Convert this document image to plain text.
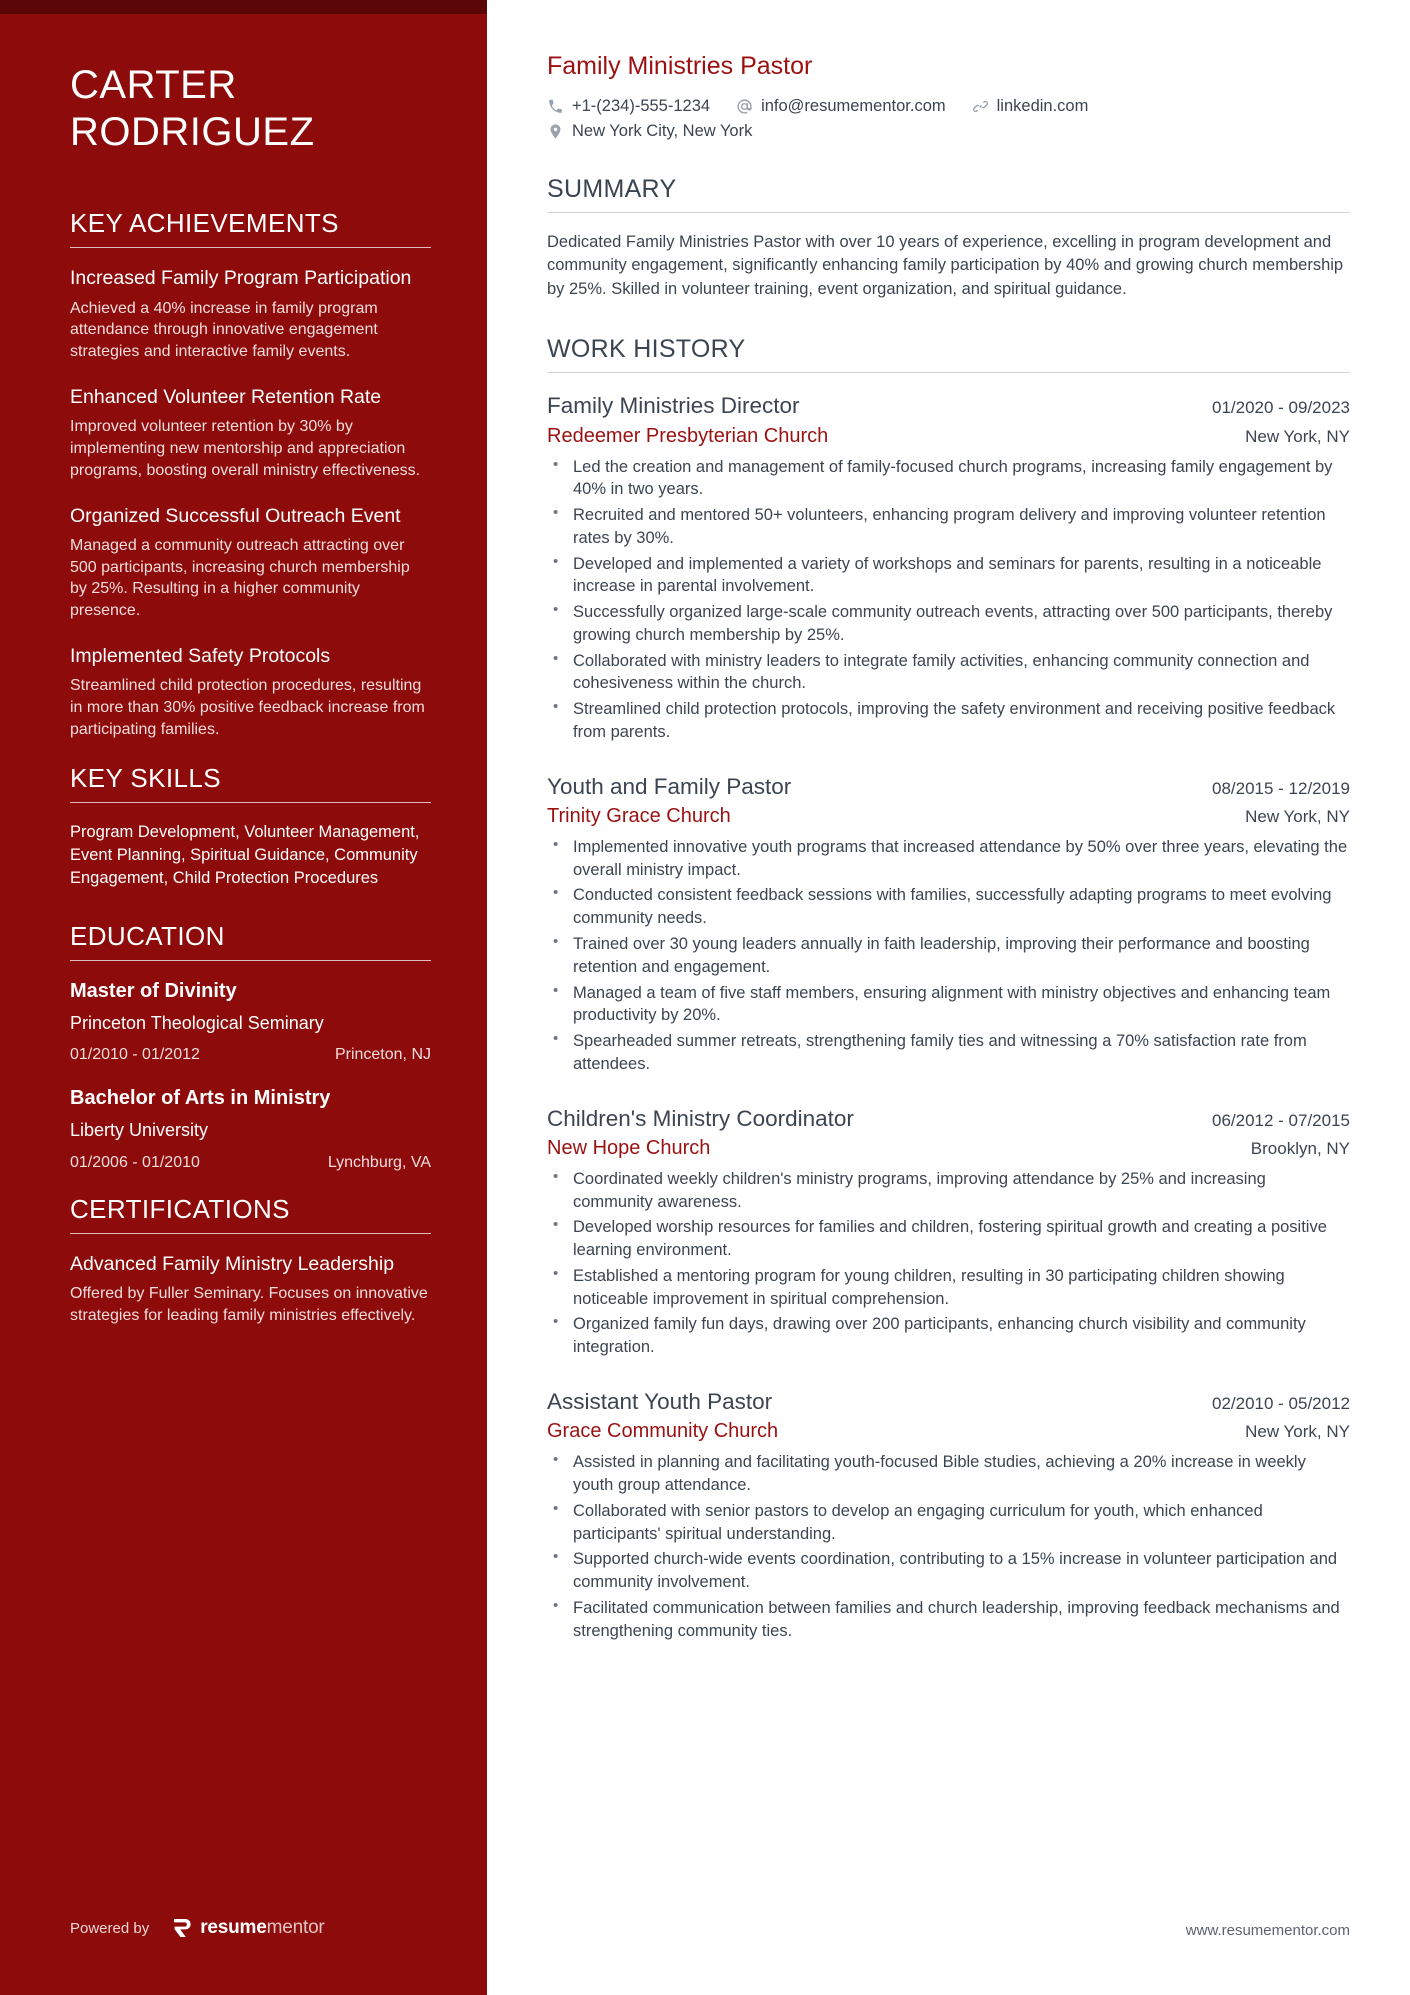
CARTER RODRIGUEZ
KEY ACHIEVEMENTS
Increased Family Program Participation
Achieved a 40% increase in family program attendance through innovative engagement strategies and interactive family events.
Enhanced Volunteer Retention Rate
Improved volunteer retention by 30% by implementing new mentorship and appreciation programs, boosting overall ministry effectiveness.
Organized Successful Outreach Event
Managed a community outreach attracting over 500 participants, increasing church membership by 25%. Resulting in a higher community presence.
Implemented Safety Protocols
Streamlined child protection procedures, resulting in more than 30% positive feedback increase from participating families.
KEY SKILLS
Program Development, Volunteer Management, Event Planning, Spiritual Guidance, Community Engagement, Child Protection Procedures
EDUCATION
Master of Divinity
Princeton Theological Seminary
01/2010 - 01/2012	Princeton, NJ
Bachelor of Arts in Ministry
Liberty University
01/2006 - 01/2010	Lynchburg, VA
CERTIFICATIONS
Advanced Family Ministry Leadership
Offered by Fuller Seminary. Focuses on innovative strategies for leading family ministries effectively.
Powered by	resumementor
Family Ministries Pastor
+1-(234)-555-1234	info@resumementor.com	linkedin.com
New York City, New York
SUMMARY

Dedicated Family Ministries Pastor with over 10 years of experience, excelling in program development and community engagement, significantly enhancing family participation by 40% and growing church membership by 25%. Skilled in volunteer training, event organization, and spiritual guidance.

WORK HISTORY
Family Ministries Director	01/2020 - 09/2023
Redeemer Presbyterian Church	New York, NY
• Led the creation and management of family-focused church programs, increasing family engagement by 40% in two years.
• Recruited and mentored 50+ volunteers, enhancing program delivery and improving volunteer retention rates by 30%.
• Developed and implemented a variety of workshops and seminars for parents, resulting in a noticeable increase in parental involvement.
• Successfully organized large-scale community outreach events, attracting over 500 participants, thereby growing church membership by 25%.
• Collaborated with ministry leaders to integrate family activities, enhancing community connection and cohesiveness within the church.
• Streamlined child protection protocols, improving the safety environment and receiving positive feedback from parents.
Youth and Family Pastor	08/2015 - 12/2019
Trinity Grace Church	New York, NY
• Implemented innovative youth programs that increased attendance by 50% over three years, elevating the overall ministry impact.
• Conducted consistent feedback sessions with families, successfully adapting programs to meet evolving community needs.
• Trained over 30 young leaders annually in faith leadership, improving their performance and boosting retention and engagement.
• Managed a team of five staff members, ensuring alignment with ministry objectives and enhancing team productivity by 20%.
• Spearheaded summer retreats, strengthening family ties and witnessing a 70% satisfaction rate from attendees.
Children's Ministry Coordinator	06/2012 - 07/2015
New Hope Church	Brooklyn, NY
• Coordinated weekly children's ministry programs, improving attendance by 25% and increasing community awareness.
• Developed worship resources for families and children, fostering spiritual growth and creating a positive learning environment.
• Established a mentoring program for young children, resulting in 30 participating children showing noticeable improvement in spiritual comprehension.
• Organized family fun days, drawing over 200 participants, enhancing church visibility and community integration.
Assistant Youth Pastor	02/2010 - 05/2012
Grace Community Church	New York, NY
• Assisted in planning and facilitating youth-focused Bible studies, achieving a 20% increase in weekly youth group attendance.
• Collaborated with senior pastors to develop an engaging curriculum for youth, which enhanced participants' spiritual understanding.
• Supported church-wide events coordination, contributing to a 15% increase in volunteer participation and community involvement.
• Facilitated communication between families and church leadership, improving feedback mechanisms and strengthening community ties.
www.resumementor.com
